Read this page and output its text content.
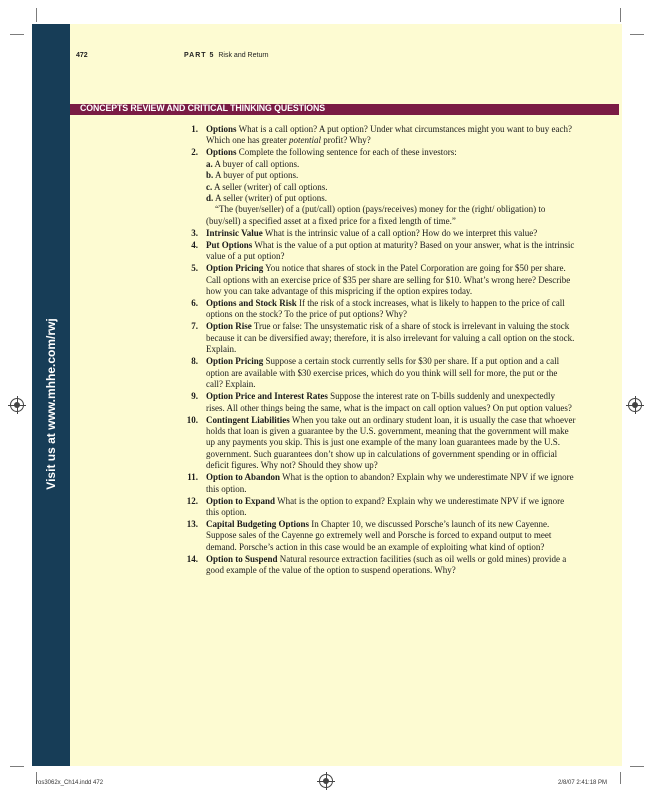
Visit us at www.mhhe.com/rwj
472	PART 5 Risk and Return
CONCEPTS REVIEW AND CRITICAL THINKING QUESTIONS
1. Options What is a call option? A put option? Under what circumstances might you want to buy each? Which one has greater potential profit? Why?
2. Options Complete the following sentence for each of these investors:
a. A buyer of call options.
b. A buyer of put options.
c. A seller (writer) of call options.
d. A seller (writer) of put options.
“The (buyer/seller) of a (put/call) option (pays/receives) money for the (right/ obligation) to (buy/sell) a specified asset at a fixed price for a fixed length of time.”
3. Intrinsic Value What is the intrinsic value of a call option? How do we interpret this value?
4. Put Options What is the value of a put option at maturity? Based on your answer, what is the intrinsic value of a put option?
5. Option Pricing You notice that shares of stock in the Patel Corporation are going for $50 per share. Call options with an exercise price of $35 per share are selling for $10. What’s wrong here? Describe how you can take advantage of this mispricing if the option expires today.
6. Options and Stock Risk If the risk of a stock increases, what is likely to happen to the price of call options on the stock? To the price of put options? Why?
7. Option Rise True or false: The unsystematic risk of a share of stock is irrelevant in valuing the stock because it can be diversified away; therefore, it is also irrelevant for valuing a call option on the stock. Explain.
8. Option Pricing Suppose a certain stock currently sells for $30 per share. If a put option and a call option are available with $30 exercise prices, which do you think will sell for more, the put or the call? Explain.
9. Option Price and Interest Rates Suppose the interest rate on T-bills suddenly and unexpectedly rises. All other things being the same, what is the impact on call option values? On put option values?
10. Contingent Liabilities When you take out an ordinary student loan, it is usually the case that whoever holds that loan is given a guarantee by the U.S. government, meaning that the government will make up any payments you skip. This is just one example of the many loan guarantees made by the U.S. government. Such guarantees don’t show up in calculations of government spending or in official deficit figures. Why not? Should they show up?
11. Option to Abandon What is the option to abandon? Explain why we underestimate NPV if we ignore this option.
12. Option to Expand What is the option to expand? Explain why we underestimate NPV if we ignore this option.
13. Capital Budgeting Options In Chapter 10, we discussed Porsche’s launch of its new Cayenne. Suppose sales of the Cayenne go extremely well and Porsche is forced to expand output to meet demand. Porsche’s action in this case would be an example of exploiting what kind of option?
14. Option to Suspend Natural resource extraction facilities (such as oil wells or gold mines) provide a good example of the value of the option to suspend operations. Why?
ros3062x_Ch14.indd 472	2/8/07 2:41:18 PM
